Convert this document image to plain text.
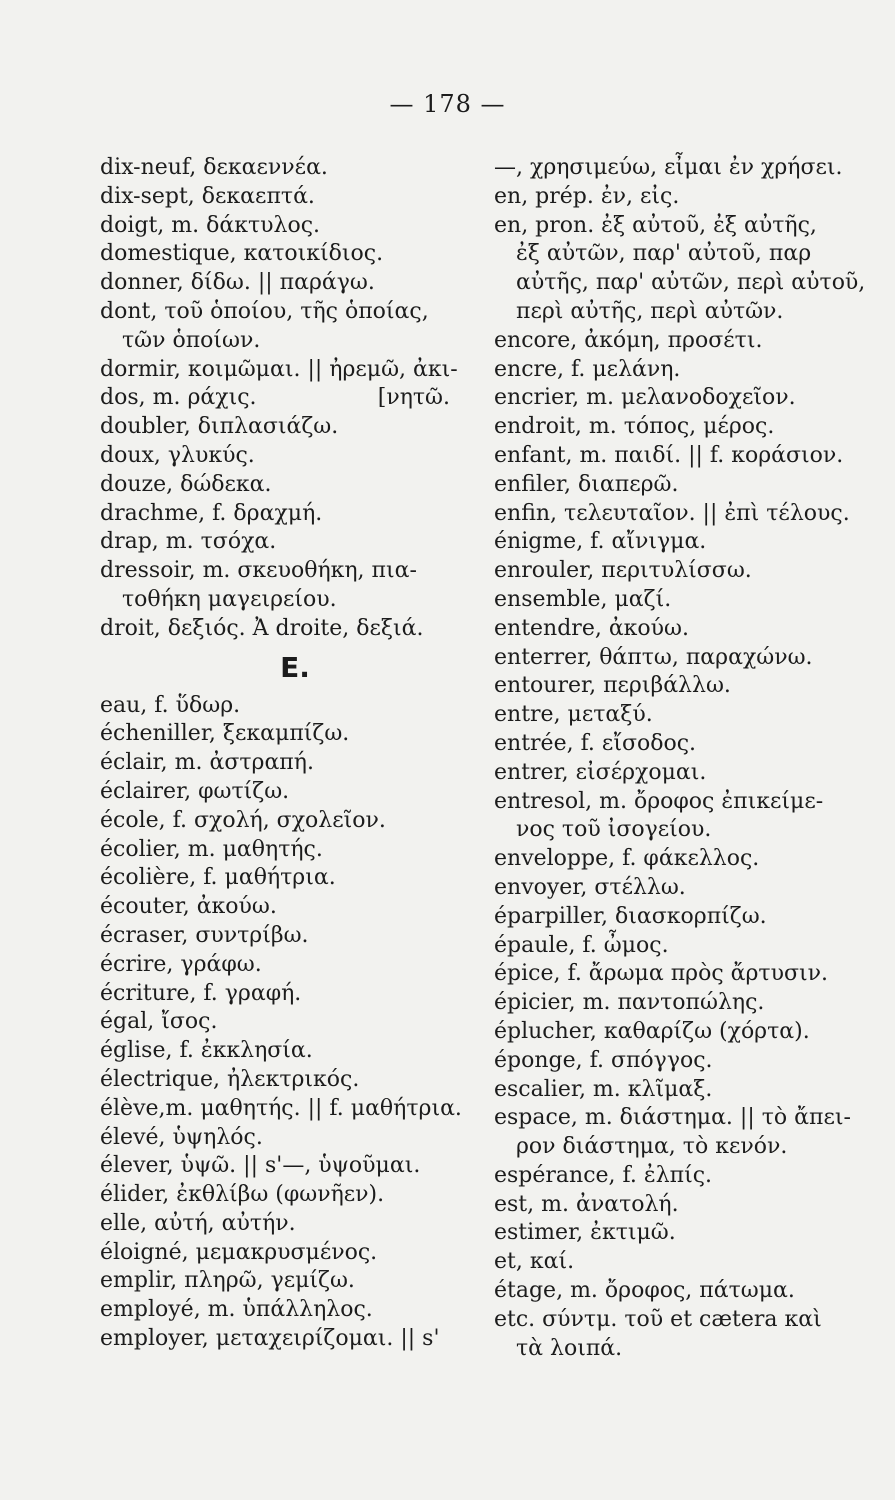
— 178 —
dix-neuf, δεκαεννέα.
dix-sept, δεκαεπτά.
doigt, m. δάκτυλος.
domestique, κατοικίδιος.
donner, δίδω. || παράγω.
dont, τοῦ ὁποίου, τῆς ὁποίας,
τῶν ὁποίων.
dormir, κοιμῶμαι. || ἠρεμῶ, ἀκι-
dos, m. ράχις.	[νητῶ.
doubler, διπλασιάζω.
doux, γλυκύς.
douze, δώδεκα.
drachme, f. δραχμή.
drap, m. τσόχα.
dressoir, m. σκευοθήκη, πια-
τοθήκη μαγειρείου.
droit, δεξιός. Ἀ droite, δεξιά.
E.
eau, f. ὕδωρ.
écheniller, ξεκαμπίζω.
éclair, m. ἀστραπή.
éclairer, φωτίζω.
école, f. σχολή, σχολεῖον.
écolier, m. μαθητής.
écolière, f. μαθήτρια.
écouter, ἀκούω.
écraser, συντρίβω.
écrire, γράφω.
écriture, f. γραφή.
égal, ἴσος.
église, f. ἐκκλησία.
électrique, ἠλεκτρικός.
élève,m. μαθητής. || f. μαθήτρια.
élevé, ὑψηλός.
élever, ὑψῶ. || s'—, ὑψοῦμαι.
élider, ἐκθλίβω (φωνῆεν).
elle, αὐτή, αὐτήν.
éloigné, μεμακρυσμένος.
emplir, πληρῶ, γεμίζω.
employé, m. ὑπάλληλος.
employer, μεταχειρίζομαι. || s'
—, χρησιμεύω, εἶμαι ἐν χρήσει.
en, prép. ἐν, εἰς.
en, pron. ἐξ αὐτοῦ, ἐξ αὐτῆς,
ἐξ αὐτῶν, παρ' αὐτοῦ, παρ
αὐτῆς, παρ' αὐτῶν, περὶ αὐτοῦ,
περὶ αὐτῆς, περὶ αὐτῶν.
encore, ἀκόμη, προσέτι.
encre, f. μελάνη.
encrier, m. μελανοδοχεῖον.
endroit, m. τόπος, μέρος.
enfant, m. παιδί. || f. κοράσιον.
enfiler, διαπερῶ.
enfin, τελευταῖον. || ἐπὶ τέλους.
énigme, f. αἴνιγμα.
enrouler, περιτυλίσσω.
ensemble, μαζί.
entendre, ἀκούω.
enterrer, θάπτω, παραχώνω.
entourer, περιβάλλω.
entre, μεταξύ.
entrée, f. εἴσοδος.
entrer, εἰσέρχομαι.
entresol, m. ὄροφος ἐπικείμε-
νος τοῦ ἰσογείου.
enveloppe, f. φάκελλος.
envoyer, στέλλω.
éparpiller, διασκορπίζω.
épaule, f. ὦμος.
épice, f. ἄρωμα πρὸς ἄρτυσιν.
épicier, m. παντοπώλης.
éplucher, καθαρίζω (χόρτα).
éponge, f. σπόγγος.
escalier, m. κλῖμαξ.
espace, m. διάστημα. || τὸ ἄπει-
ρον διάστημα, τὸ κενόν.
espérance, f. ἐλπίς.
est, m. ἀνατολή.
estimer, ἐκτιμῶ.
et, καί.
étage, m. ὄροφος, πάτωμα.
etc. σύντμ. τοῦ et cætera καὶ
τὰ λοιπά.
